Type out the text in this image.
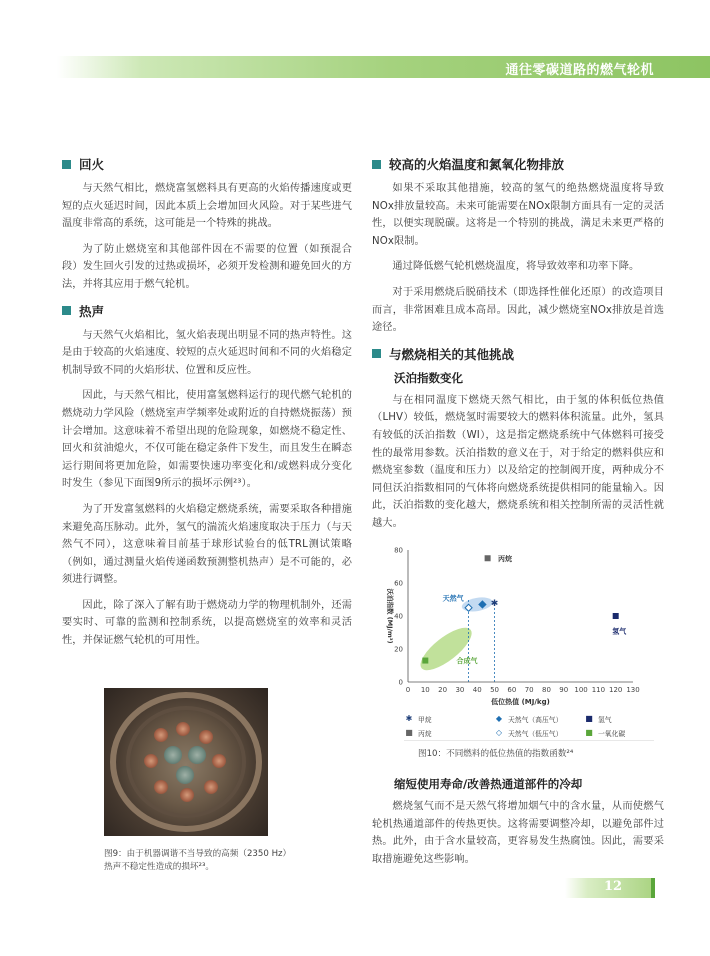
通往零碳道路的燃气轮机
回火

与天然气相比，燃烧富氢燃料具有更高的火焰传播速度或更短的点火延迟时间，因此本质上会增加回火风险。对于某些进气温度非常高的系统，这可能是一个特殊的挑战。

为了防止燃烧室和其他部件因在不需要的位置（如预混合段）发生回火引发的过热或损坏，必须开发检测和避免回火的方法，并将其应用于燃气轮机。

热声

与天然气火焰相比，氢火焰表现出明显不同的热声特性。这是由于较高的火焰速度、较短的点火延迟时间和不同的火焰稳定机制导致不同的火焰形状、位置和反应性。

因此，与天然气相比，使用富氢燃料运行的现代燃气轮机的燃烧动力学风险（燃烧室声学频率处或附近的自持燃烧振荡）预计会增加。这意味着不希望出现的危险现象，如燃烧不稳定性、回火和贫油熄火，不仅可能在稳定条件下发生，而且发生在瞬态运行期间将更加危险，如需要快速功率变化和/或燃料成分变化时发生（参见下面图9所示的损坏示例²³）。

为了开发富氢燃料的火焰稳定燃烧系统，需要采取各种措施来避免高压脉动。此外，氢气的湍流火焰速度取决于压力（与天然气不同），这意味着目前基于球形试验台的低TRL测试策略（例如，通过测量火焰传递函数预测整机热声）是不可能的，必须进行调整。

因此，除了深入了解有助于燃烧动力学的物理机制外，还需要实时、可靠的监测和控制系统，以提高燃烧室的效率和灵活性，并保证燃气轮机的可用性。

图9：由于机器调谐不当导致的高频（2350 Hz）
热声不稳定性造成的损坏²³。
较高的火焰温度和氮氧化物排放

如果不采取其他措施，较高的氢气的绝热燃烧温度将导致NOx排放量较高。未来可能需要在NOx限制方面具有一定的灵活性，以便实现脱碳。这将是一个特别的挑战，满足未来更严格的NOx限制。

通过降低燃气轮机燃烧温度，将导致效率和功率下降。

对于采用燃烧后脱硝技术（即选择性催化还原）的改造项目而言，非常困难且成本高昂。因此，减少燃烧室NOx排放是首选途径。

与燃烧相关的其他挑战
沃泊指数变化

与在相同温度下燃烧天然气相比，由于氢的体积低位热值（LHV）较低，燃烧氢时需要较大的燃料体积流量。此外，氢具有较低的沃泊指数（WI），这是指定燃烧系统中气体燃料可接受性的最常用参数。沃泊指数的意义在于，对于给定的燃料供应和燃烧室参数（温度和压力）以及给定的控制阀开度，两种成分不同但沃泊指数相同的气体将向燃烧系统提供相同的能量输入。因此，沃泊指数的变化越大，燃烧系统和相关控制所需的灵活性就越大。

0 10 20 30 40 50 60 70 80 90 100 110 120 130
0
20
40
60
80
低位热值 (MJ/kg)
沃泊指数 (MJ/m³)	✱
丙烷
天然气
氢气
合成气
✱ 甲烷	◆ 天然气（高压气）	■ 氢气
■ 丙烷	◇ 天然气（低压气）	■ 一氧化碳
图10：不同燃料的低位热值的指数函数²⁴
缩短使用寿命/改善热通道部件的冷却

燃烧氢气而不是天然气将增加烟气中的含水量，从而使燃气轮机热通道部件的传热更快。这将需要调整冷却，以避免部件过热。此外，由于含水量较高，更容易发生热腐蚀。因此，需要采取措施避免这些影响。

12
